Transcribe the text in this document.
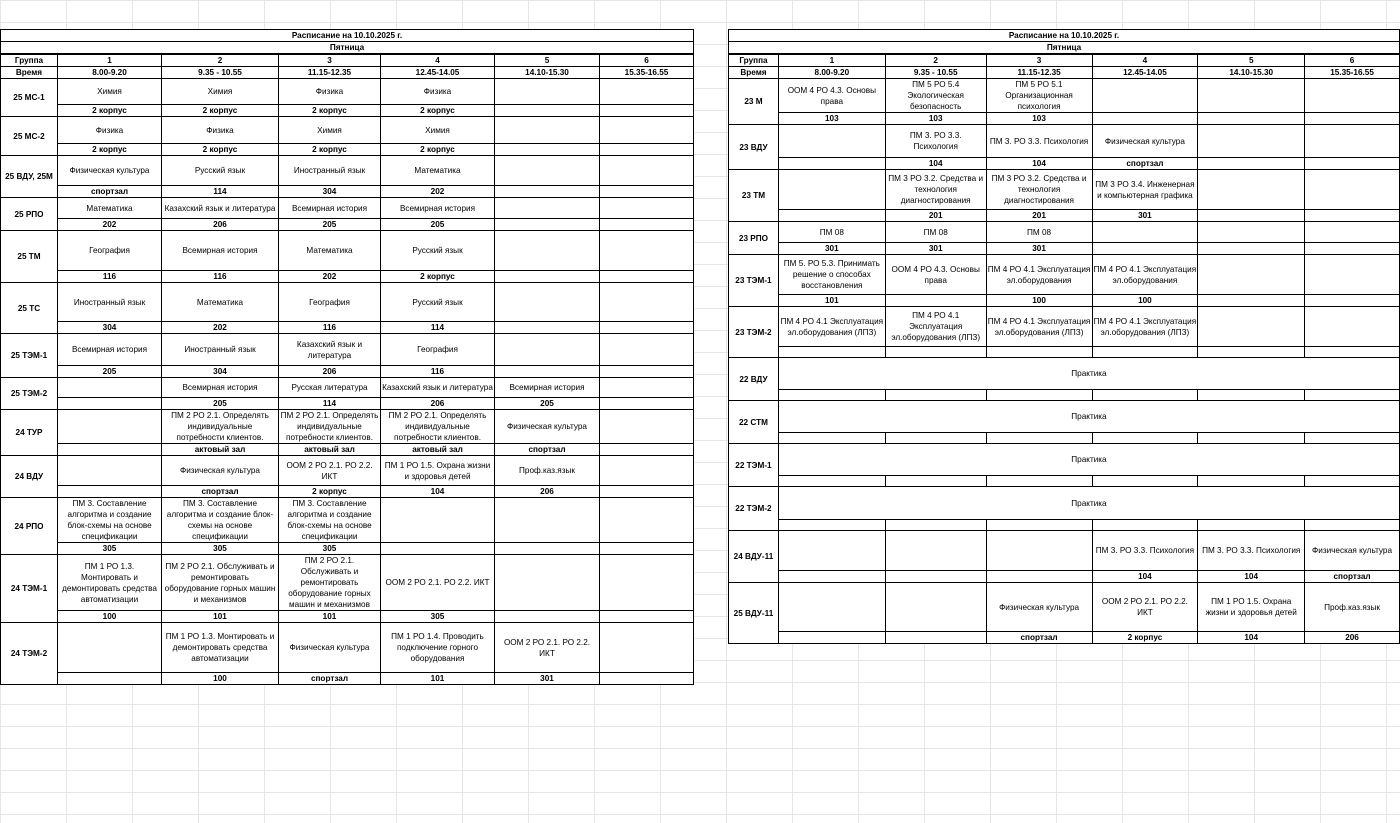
Расписание на 10.10.2025 г.						
Пятница						
Группа	1	2	3	4	5	6
Время	8.00-9.20	9.35 - 10.55	11.15-12.35	12.45-14.05	14.10-15.30	15.35-16.55
25 МС-1	Химия	Химия	Физика	Физика		
	2 корпус	2 корпус	2 корпус	2 корпус		
25 МС-2	Физика	Физика	Химия	Химия		
	2 корпус	2 корпус	2 корпус	2 корпус		
25 ВДУ, 25М	Физическая культура	Русский язык	Иностранный язык	Математика		
	спортзал	114	304	202		
25 РПО	Математика	Казахский язык и литература	Всемирная история	Всемирная история		
	202	206	205	205		
25 ТМ	География	Всемирная история	Математика	Русский язык		
	116	116	202	2 корпус		
25 ТС	Иностранный язык	Математика	География	Русский язык		
	304	202	116	114		
25 ТЭМ-1	Всемирная история	Иностранный язык	Казахский язык и литература	География		
	205	304	206	116		
25 ТЭМ-2		Всемирная история	Русская литература	Казахский язык и литература	Всемирная история	
		205	114	206	205	
24 ТУР		ПМ 2 РО 2.1. Определять индивидуальные потребности клиентов.	ПМ 2 РО 2.1. Определять индивидуальные потребности клиентов.	ПМ 2 РО 2.1. Определять индивидуальные потребности клиентов.	Физическая культура	
		актовый зал	актовый зал	актовый зал	спортзал	
24 ВДУ		Физическая культура	ООМ 2 РО 2.1. РО 2.2. ИКТ	ПМ 1 РО 1.5. Охрана жизни и здоровья детей	Проф.каз.язык	
		спортзал	2 корпус	104	206	
24 РПО	ПМ 3. Составление алгоритма и создание блок-схемы на основе спецификации	ПМ 3. Составление алгоритма и создание блок-схемы на основе спецификации	ПМ 3. Составление алгоритма и создание блок-схемы на основе спецификации			
	305	305	305			
24 ТЭМ-1	ПМ 1 РО 1.3. Монтировать и демонтировать средства автоматизации	ПМ 2 РО 2.1. Обслуживать и ремонтировать оборудование горных машин и механизмов	ПМ 2 РО 2.1. Обслуживать и ремонтировать оборудование горных машин и механизмов	ООМ 2 РО 2.1. РО 2.2. ИКТ		
	100	101	101	305		
24 ТЭМ-2		ПМ 1 РО 1.3. Монтировать и демонтировать средства автоматизации	Физическая культура	ПМ 1 РО 1.4. Проводить подключение горного оборудования	ООМ 2 РО 2.1. РО 2.2. ИКТ	
		100	спортзал	101	301	
Расписание на 10.10.2025 г.						
Пятница						
Группа	1	2	3	4	5	6
Время	8.00-9.20	9.35 - 10.55	11.15-12.35	12.45-14.05	14.10-15.30	15.35-16.55
23 М	ООМ 4 РО 4.3. Основы права	ПМ 5 РО 5.4 Экологическая безопасность	ПМ 5 РО 5.1 Организационная психология			
	103	103	103			
23 ВДУ		ПМ 3. РО 3.3. Психология	ПМ 3. РО 3.3. Психология	Физическая культура		
		104	104	спортзал		
23 ТМ		ПМ 3 РО 3.2. Средства и технология диагностирования	ПМ 3 РО 3.2. Средства и технология диагностирования	ПМ 3 РО 3.4. Инженерная и компьютерная графика		
		201	201	301		
23 РПО	ПМ 08	ПМ 08	ПМ 08			
	301	301	301			
23 ТЭМ-1	ПМ 5. РО 5.3. Принимать решение о способах восстановления	ООМ 4 РО 4.3. Основы права	ПМ 4 РО 4.1 Эксплуатация эл.оборудования	ПМ 4 РО 4.1 Эксплуатация эл.оборудования		
	101		100	100		
23 ТЭМ-2	ПМ 4 РО 4.1 Эксплуатация эл.оборудования (ЛПЗ)	ПМ 4 РО 4.1 Эксплуатация эл.оборудования (ЛПЗ)	ПМ 4 РО 4.1 Эксплуатация эл.оборудования (ЛПЗ)	ПМ 4 РО 4.1 Эксплуатация эл.оборудования (ЛПЗ)		

22 ВДУ	Практика					

22 СТМ	Практика					

22 ТЭМ-1	Практика					

22 ТЭМ-2	Практика					

24 ВДУ-11				ПМ 3. РО 3.3. Психология	ПМ 3. РО 3.3. Психология	Физическая культура
				104	104	спортзал
25 ВДУ-11			Физическая культура	ООМ 2 РО 2.1. РО 2.2. ИКТ	ПМ 1 РО 1.5. Охрана жизни и здоровья детей	Проф.каз.язык
			спортзал	2 корпус	104	206
